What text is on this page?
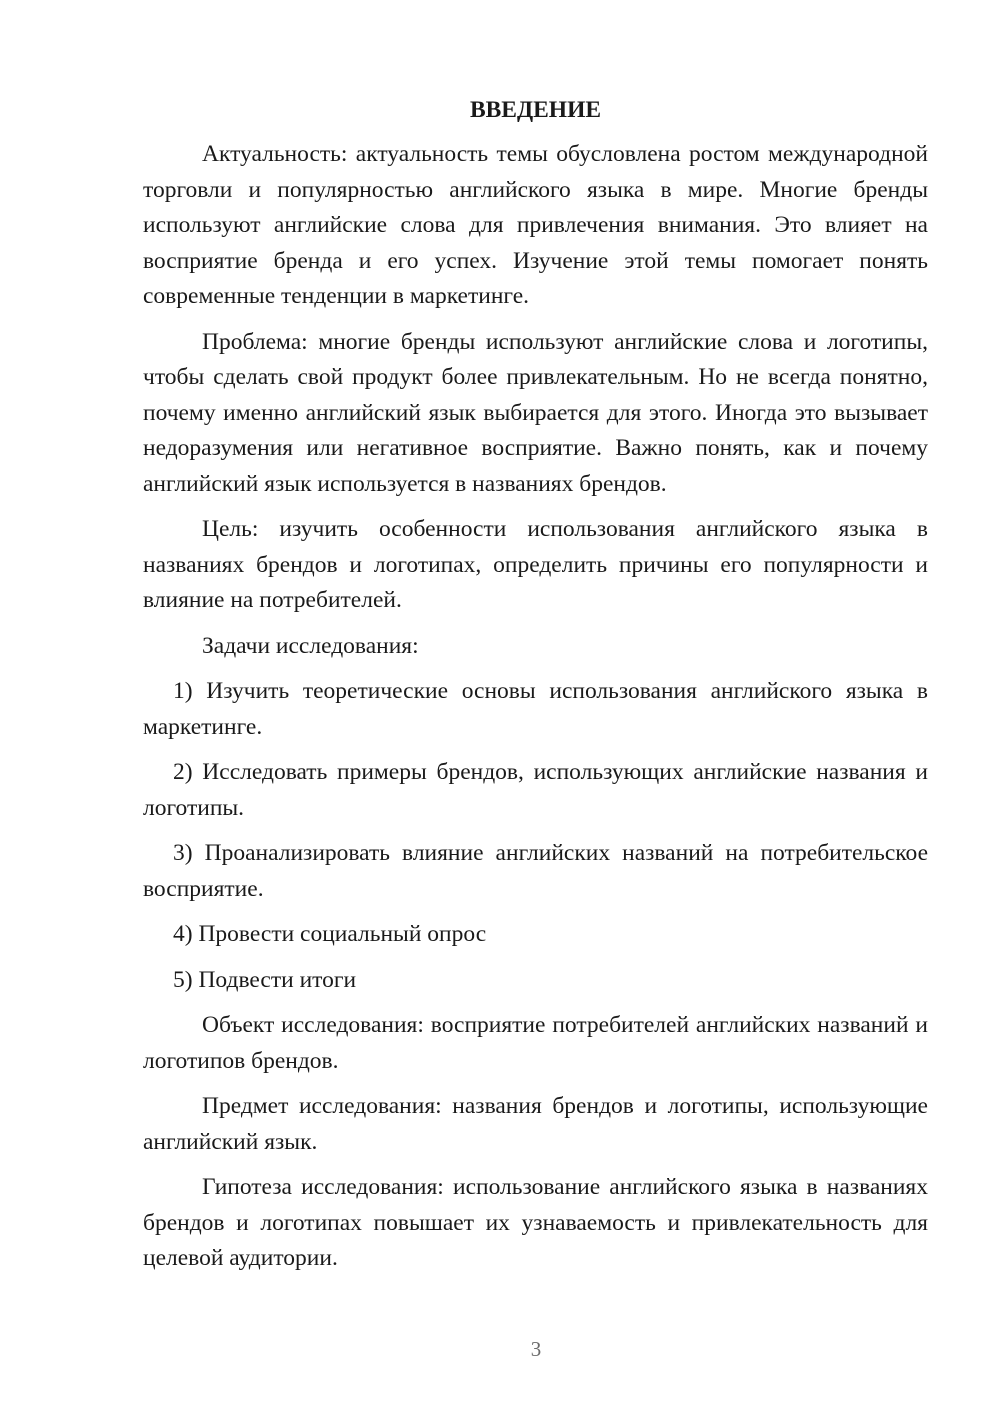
ВВЕДЕНИЕ

Актуальность: актуальность темы обусловлена ростом международной торговли и популярностью английского языка в мире. Многие бренды используют английские слова для привлечения внимания. Это влияет на восприятие бренда и его успех. Изучение этой темы помогает понять современные тенденции в маркетинге.

Проблема: многие бренды используют английские слова и логотипы, чтобы сделать свой продукт более привлекательным. Но не всегда понятно, почему именно английский язык выбирается для этого. Иногда это вызывает недоразумения или негативное восприятие. Важно понять, как и почему английский язык используется в названиях брендов.

Цель: изучить особенности использования английского языка в названиях брендов и логотипах, определить причины его популярности и влияние на потребителей.

Задачи исследования:

1) Изучить теоретические основы использования английского языка в маркетинге.

2) Исследовать примеры брендов, использующих английские названия и логотипы.

3) Проанализировать влияние английских названий на потребительское восприятие.

4) Провести социальный опрос

5) Подвести итоги

Объект исследования: восприятие потребителей английских названий и логотипов брендов.

Предмет исследования: названия брендов и логотипы, использующие английский язык.

Гипотеза исследования: использование английского языка в названиях брендов и логотипах повышает их узнаваемость и привлекательность для целевой аудитории.

3
